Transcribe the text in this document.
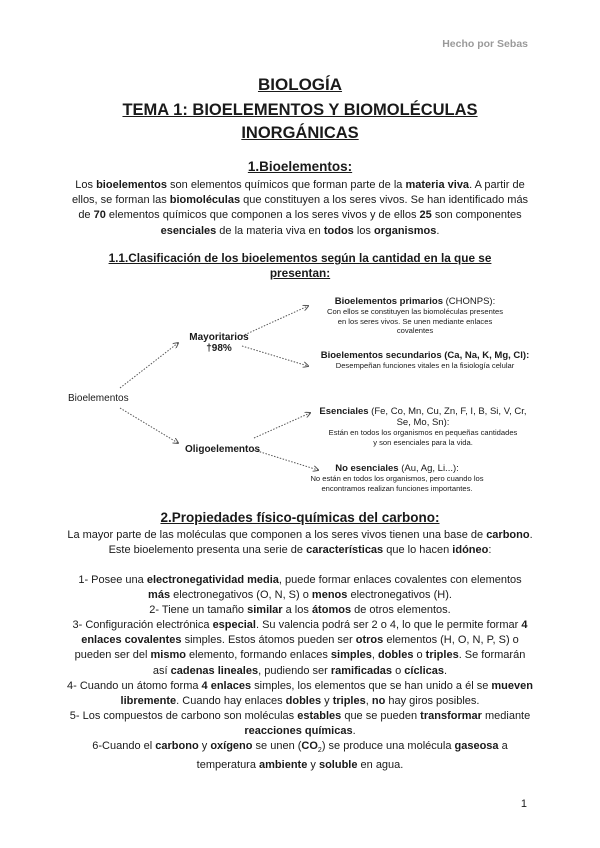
Hecho por Sebas
BIOLOGÍA
TEMA 1: BIOELEMENTOS Y BIOMOLÉCULAS INORGÁNICAS
1.Bioelementos:
Los bioelementos son elementos químicos que forman parte de la materia viva. A partir de ellos, se forman las biomoléculas que constituyen a los seres vivos. Se han identificado más de 70 elementos químicos que componen a los seres vivos y de ellos 25 son componentes esenciales de la materia viva en todos los organismos.
1.1.Clasificación de los bioelementos según la cantidad en la que se presentan:
Bioelementos
Mayoritarios
†98%
Oligoelementos
Bioelementos primarios (CHONPS):
Con ellos se constituyen las biomoléculas presentes
en los seres vivos. Se unen mediante enlaces
covalentes
Bioelementos secundarios (Ca, Na, K, Mg, Cl):
Desempeñan funciones vitales en la fisiología celular
Esenciales (Fe, Co, Mn, Cu, Zn, F, I, B, Si, V, Cr,
Se, Mo, Sn):
Están en todos los organismos en pequeñas cantidades
y son esenciales para la vida.
No esenciales (Au, Ag, Li...):
No están en todos los organismos, pero cuando los
encontramos realizan funciones importantes.
2.Propiedades físico-químicas del carbono:
La mayor parte de las moléculas que componen a los seres vivos tienen una base de carbono. Este bioelemento presenta una serie de características que lo hacen idóneo:
1- Posee una electronegatividad media, puede formar enlaces covalentes con elementos más electronegativos (O, N, S) o menos electronegativos (H).
2- Tiene un tamaño similar a los átomos de otros elementos.
3- Configuración electrónica especial. Su valencia podrá ser 2 o 4, lo que le permite formar 4 enlaces covalentes simples. Estos átomos pueden ser otros elementos (H, O, N, P, S) o pueden ser del mismo elemento, formando enlaces simples, dobles o triples. Se formarán así cadenas lineales, pudiendo ser ramificadas o cíclicas.
4- Cuando un átomo forma 4 enlaces simples, los elementos que se han unido a él se mueven libremente. Cuando hay enlaces dobles y triples, no hay giros posibles.
5- Los compuestos de carbono son moléculas estables que se pueden transformar mediante reacciones químicas.
6-Cuando el carbono y oxígeno se unen $(CO_2)$ se produce una molécula gaseosa a temperatura ambiente y soluble en agua.
1
